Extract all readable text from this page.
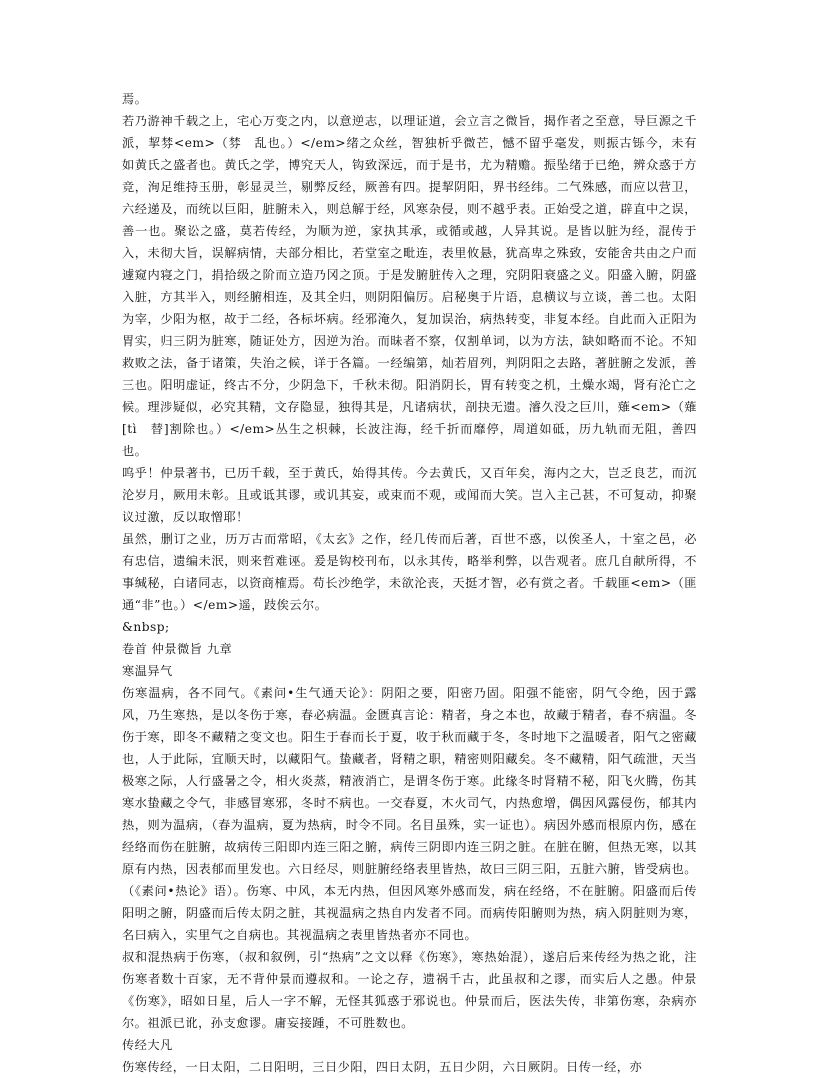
焉。

若乃游神千载之上，宅心万变之内，以意逆志，以理证道，会立言之微旨，揭作者之至意，导巨源之千派，挈棼<em>（棼　乱也。）</em>绪之众丝，智独析乎微芒，憾不留乎毫发，则振古铄今，未有如黄氏之盛者也。黄氏之学，博究天人，钩致深远，而于是书，尤为精赡。振坠绪于已绝，辨众惑于方竞，洵足维持玉册，彰显灵兰，剔弊反经，厥善有四。提挈阴阳，界书经纬。二气殊感，而应以营卫，六经递及，而统以巨阳，脏腑未入，则总解于经，风寒杂侵，则不越乎表。正始受之道，辟直中之误，善一也。聚讼之盛，莫若传经，为顺为逆，家执其承，或循或越，人异其说。是皆以脏为经，混传于入，未彻大旨，误解病情，夫部分相比，若堂室之毗连，表里攸悬，犹高卑之殊致，安能舍共由之户而遽窥内寝之门，捐拾级之阶而立造乃冈之顶。于是发腑脏传入之理，究阴阳衰盛之义。阳盛入腑，阴盛入脏，方其半入，则经腑相连，及其全归，则阴阳偏厉。启秘奥于片语，息横议与立谈，善二也。太阳为宰，少阳为枢，故于二经，各标坏病。经邪淹久，复加误治，病热转变，非复本经。自此而入正阳为胃实，归三阴为脏寒，随证处方，因逆为治。而昧者不察，仅割单词，以为方法，缺如略而不论。不知救败之法，备于诸策，失治之候，详于各篇。一经编第，灿若眉列，判阴阳之去路，著脏腑之发派，善三也。阳明虚证，终古不分，少阴急下，千秋未彻。阳消阴长，胃有转变之机，土燥水竭，肾有沦亡之候。理涉疑似，必究其精，文存隐显，独得其是，凡诸病状，剖抉无遗。濬久没之巨川，薙<em>（薙[tì　替]割除也。）</em>丛生之枳棘，长波注海，经千折而靡停，周道如砥，历九轨而无阻，善四也。

呜乎！仲景著书，已历千载，至于黄氏，始得其传。今去黄氏，又百年矣，海内之大，岂乏良艺，而沉沦岁月，厥用未彰。且或诋其谬，或讥其妄，或束而不观，或闻而大笑。岂入主己甚，不可复动，抑聚议过激，反以取憎耶！

虽然，删订之业，历万古而常昭，《太玄》之作，经几传而后著，百世不惑，以俟圣人，十室之邑，必有忠信，遗编未泯，则来哲难诬。爰是钩校刊布，以永其传，略举利弊，以告观者。庶几自献所得，不事缄秘，白诸同志，以资商榷焉。苟长沙绝学，未欲沦丧，天挺才智，必有赏之者。千载匪<em>（匪　通“非”也。）</em>遥，跂俟云尔。

&nbsp;

卷首 仲景微旨 九章

寒温异气

伤寒温病，各不同气。《素问•生气通天论》：阴阳之要，阳密乃固。阳强不能密，阴气令绝，因于露风，乃生寒热，是以冬伤于寒，春必病温。金匮真言论：精者，身之本也，故藏于精者，春不病温。冬伤于寒，即冬不藏精之变文也。阳生于春而长于夏，收于秋而藏于冬，冬时地下之温暖者，阳气之密藏也，人于此际，宜顺天时，以藏阳气。蛰藏者，肾精之职，精密则阳藏矣。冬不藏精，阳气疏泄，天当极寒之际，人行盛暑之令，相火炎蒸，精液消亡，是谓冬伤于寒。此缘冬时肾精不秘，阳飞火腾，伤其寒水蛰藏之令气，非感冒寒邪，冬时不病也。一交春夏，木火司气，内热愈增，偶因风露侵伤，郁其内热，则为温病，（春为温病，夏为热病，时令不同。名目虽殊，实一证也）。病因外感而根原内伤，感在经络而伤在脏腑，故病传三阳即内连三阳之腑，病传三阴即内连三阴之脏。在脏在腑，但热无寒，以其原有内热，因表郁而里发也。六日经尽，则脏腑经络表里皆热，故曰三阴三阳，五脏六腑，皆受病也。（《素问•热论》语）。伤寒、中风，本无内热，但因风寒外感而发，病在经络，不在脏腑。阳盛而后传阳明之腑，阴盛而后传太阴之脏，其视温病之热自内发者不同。而病传阳腑则为热，病入阴脏则为寒，名曰病入，实里气之自病也。其视温病之表里皆热者亦不同也。

叔和混热病于伤寒，（叔和叙例，引“热病”之文以释《伤寒》，寒热始混），遂启后来传经为热之讹，注伤寒者数十百家，无不背仲景而遵叔和。一论之存，遗祸千古，此虽叔和之谬，而实后人之愚。仲景《伤寒》，昭如日星，后人一字不解，无怪其狐惑于邪说也。仲景而后，医法失传，非第伤寒，杂病亦尔。祖派已讹，孙支愈谬。庸妄接踵，不可胜数也。

传经大凡

伤寒传经，一日太阳，二日阳明，三日少阳，四日太阴，五日少阴，六日厥阴。日传一经，亦
